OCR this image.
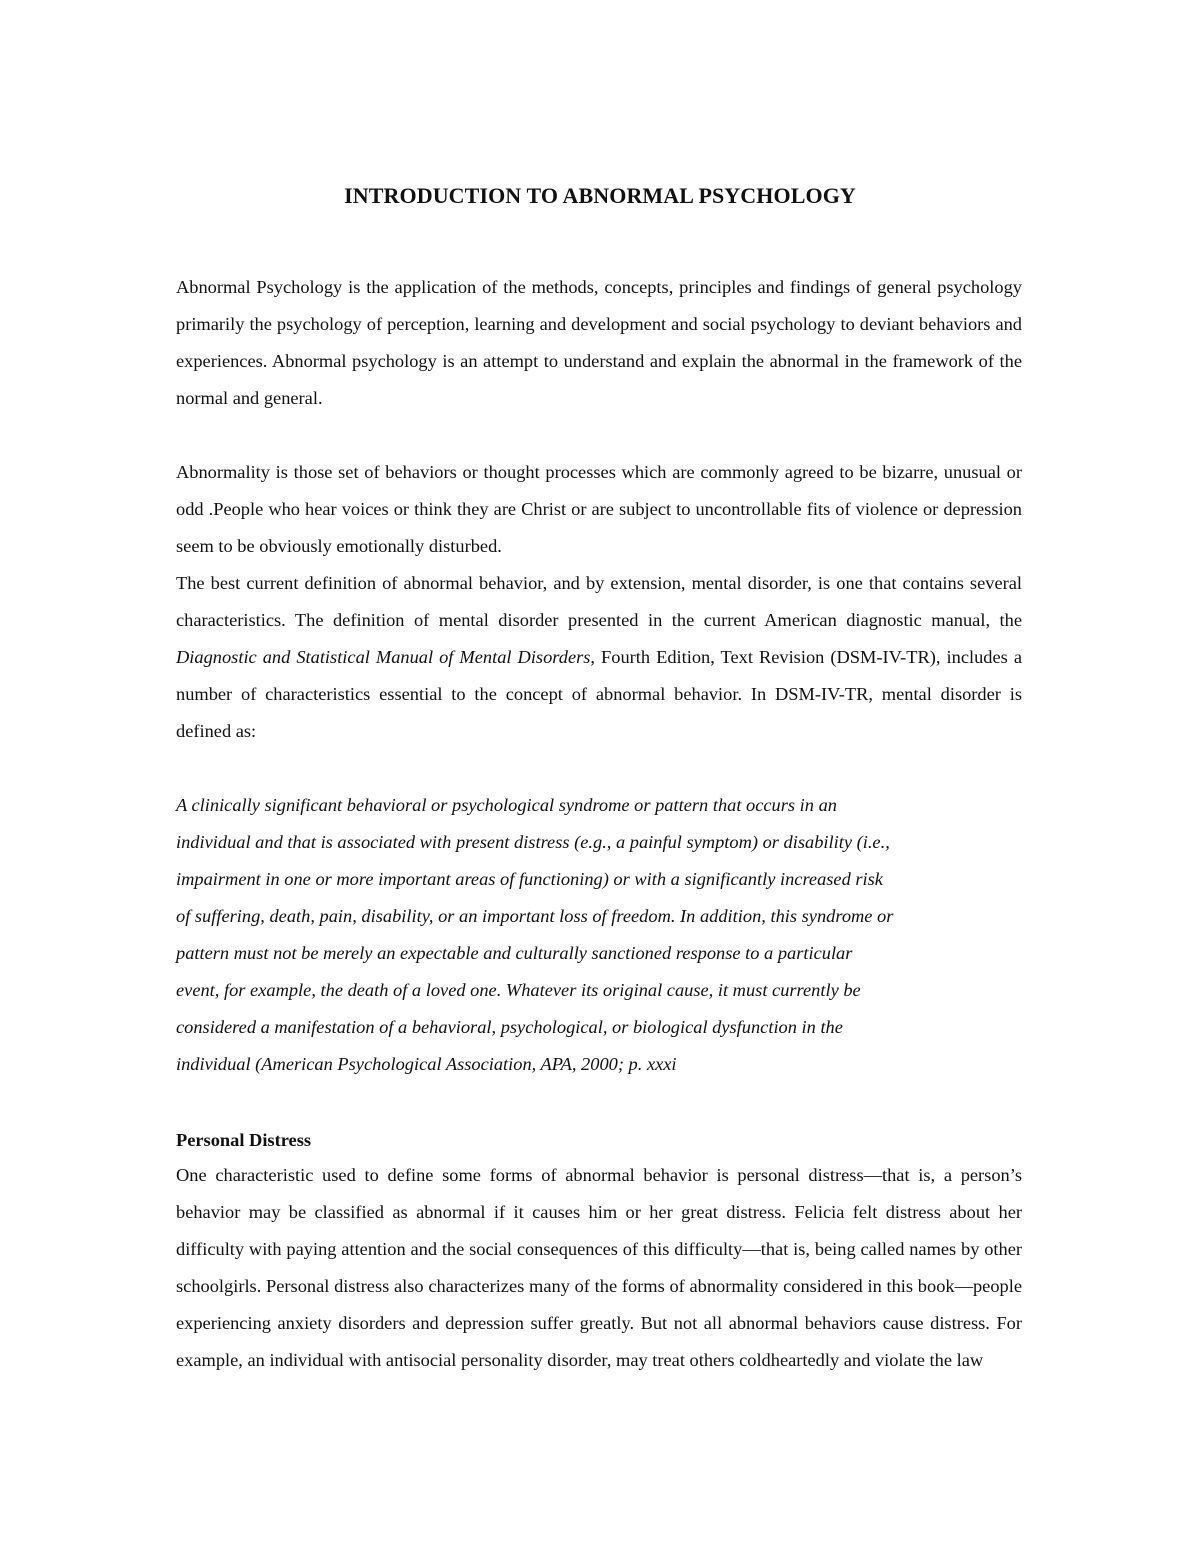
INTRODUCTION TO ABNORMAL PSYCHOLOGY

Abnormal Psychology is the application of the methods, concepts, principles and findings of general psychology primarily the psychology of perception, learning and development and social psychology to deviant behaviors and experiences. Abnormal psychology is an attempt to understand and explain the abnormal in the framework of the normal and general.

Abnormality is those set of behaviors or thought processes which are commonly agreed to be bizarre, unusual or odd .People who hear voices or think they are Christ or are subject to uncontrollable fits of violence or depression seem to be obviously emotionally disturbed.

The best current definition of abnormal behavior, and by extension, mental disorder, is one that contains several characteristics. The definition of mental disorder presented in the current American diagnostic manual, the Diagnostic and Statistical Manual of Mental Disorders, Fourth Edition, Text Revision (DSM-IV-TR), includes a number of characteristics essential to the concept of abnormal behavior. In DSM-IV-TR, mental disorder is defined as:

A clinically significant behavioral or psychological syndrome or pattern that occurs in an
individual and that is associated with present distress (e.g., a painful symptom) or disability (i.e.,
impairment in one or more important areas of functioning) or with a significantly increased risk
of suffering, death, pain, disability, or an important loss of freedom. In addition, this syndrome or
pattern must not be merely an expectable and culturally sanctioned response to a particular
event, for example, the death of a loved one. Whatever its original cause, it must currently be
considered a manifestation of a behavioral, psychological, or biological dysfunction in the
individual (American Psychological Association, APA, 2000; p. xxxi
Personal Distress

One characteristic used to define some forms of abnormal behavior is personal distress—that is, a person’s behavior may be classified as abnormal if it causes him or her great distress. Felicia felt distress about her difficulty with paying attention and the social consequences of this difficulty—that is, being called names by other schoolgirls. Personal distress also characterizes many of the forms of abnormality considered in this book—people experiencing anxiety disorders and depression suffer greatly. But not all abnormal behaviors cause distress. For example, an individual with antisocial personality disorder, may treat others coldheartedly and violate the law
